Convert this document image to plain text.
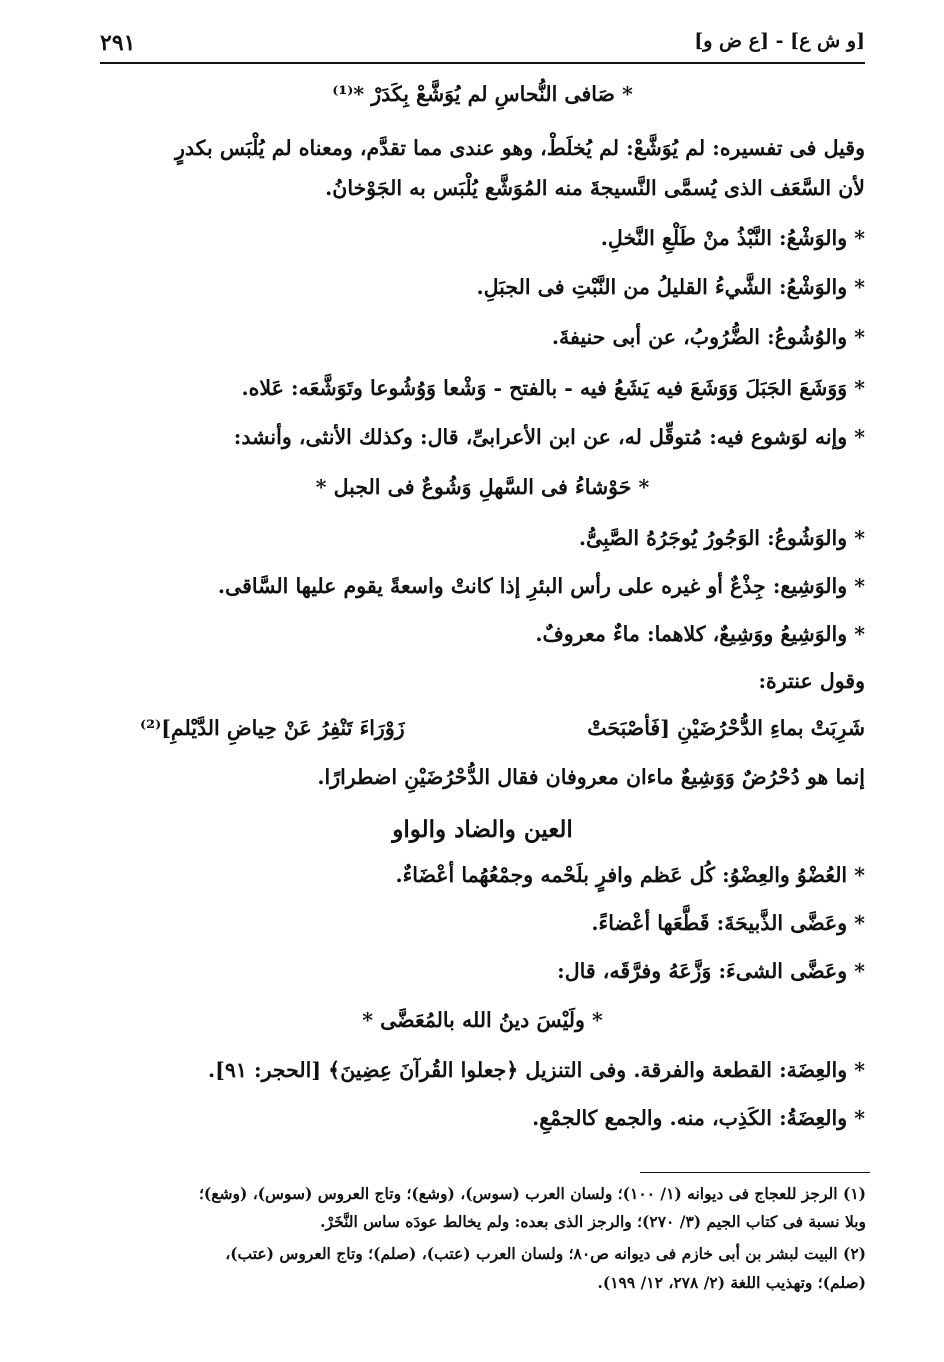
٢٩١	[و ش ع] - [ع ض و]
* صَافى النُّحاسِ لم يُوَشَّعْ بِكَدَرْ *⁽¹⁾
وقيل فى تفسيره: لم يُوَشَّعْ: لم يُخلَطْ، وهو عندى مما تقدَّم، ومعناه لم يُلْبَس بكدرٍ
لأن السَّعَف الذى يُسمَّى النَّسيجةَ منه المُوَشَّع يُلْبَس به الجَوْخانُ.
* والوَشْعُ: النَّبْذُ منْ طَلْعِ النَّخلِ.
* والوَشْعُ: الشَّيءُ القليلُ من النَّبْتِ فى الجبَلِ.
* والوُشُوعُ: الضُّرُوبُ، عن أبى حنيفةَ.
* وَوَشَعَ الجَبَلَ وَوَشَعَ فيه يَشَعُ فيه - بالفتح - وَشْعا وَوُشُوعا وتَوَشَّعَه: عَلاه.
* وإنه لوَشوع فيه: مُتوقِّل له، عن ابن الأعرابىِّ، قال: وكذلك الأنثى، وأنشد:
* حَوْشاءُ فى السَّهلِ وَشُوعٌ فى الجبل *
* والوَشُوعُ: الوَجُورُ يُوجَرُهُ الصَّبِىُّ.
* والوَشِيع: جِذْعٌ أو غيره على رأس البئرِ إذا كانتْ واسعةً يقوم عليها السَّاقى.
* والوَشِيعُ ووَشِيعٌ، كلاهما: ماءٌ معروفٌ.
وقول عنترة:
شَرِبَتْ بماءِ الدُّحْرُضَيْنِ [فَأصْبَحَتْ
زَوْرَاءَ تَنْفِرُ عَنْ حِياضِ الدَّيْلمِ]⁽²⁾
إنما هو دُحْرُضٌ وَوَشِيعٌ ماءان معروفان فقال الدُّحْرُضَيْنِ اضطرارًا.
العين والضاد والواو
* العُضْوُ والعِضْوُ: كُل عَظم وافرٍ بلَحْمه وجمْعُهُما أعْضَاءٌ.
* وعَضَّى الذَّبيحَةَ: قَطَّعَها أعْضاءً.
* وعَضَّى الشىءَ: وَزَّعَهُ وفرَّقَه، قال:
* ولَيْسَ دينُ الله بالمُعَضَّى *
* والعِضَة: القطعة والفرقة. وفى التنزيل ﴿جعلوا القُرآنَ عِضِينَ﴾ [الحجر: ٩١].
* والعِضَةُ: الكَذِب، منه. والجمع كالجمْعِ.
(١) الرجز للعجاج فى ديوانه (١/ ١٠٠)؛ ولسان العرب (سوس)، (وشع)؛ وتاج العروس (سوس)، (وشع)؛
وبلا نسبة فى كتاب الجيم (٣/ ٢٧٠)؛ والرجز الذى بعده: ولم يخالط عودَه ساس النَّخَرْ.
(٢) البيت لبشر بن أبى خازم فى ديوانه ص٨٠؛ ولسان العرب (عتب)، (صلم)؛ وتاج العروس (عتب)،
(صلم)؛ وتهذيب اللغة (٢/ ٢٧٨، ١٢/ ١٩٩).
